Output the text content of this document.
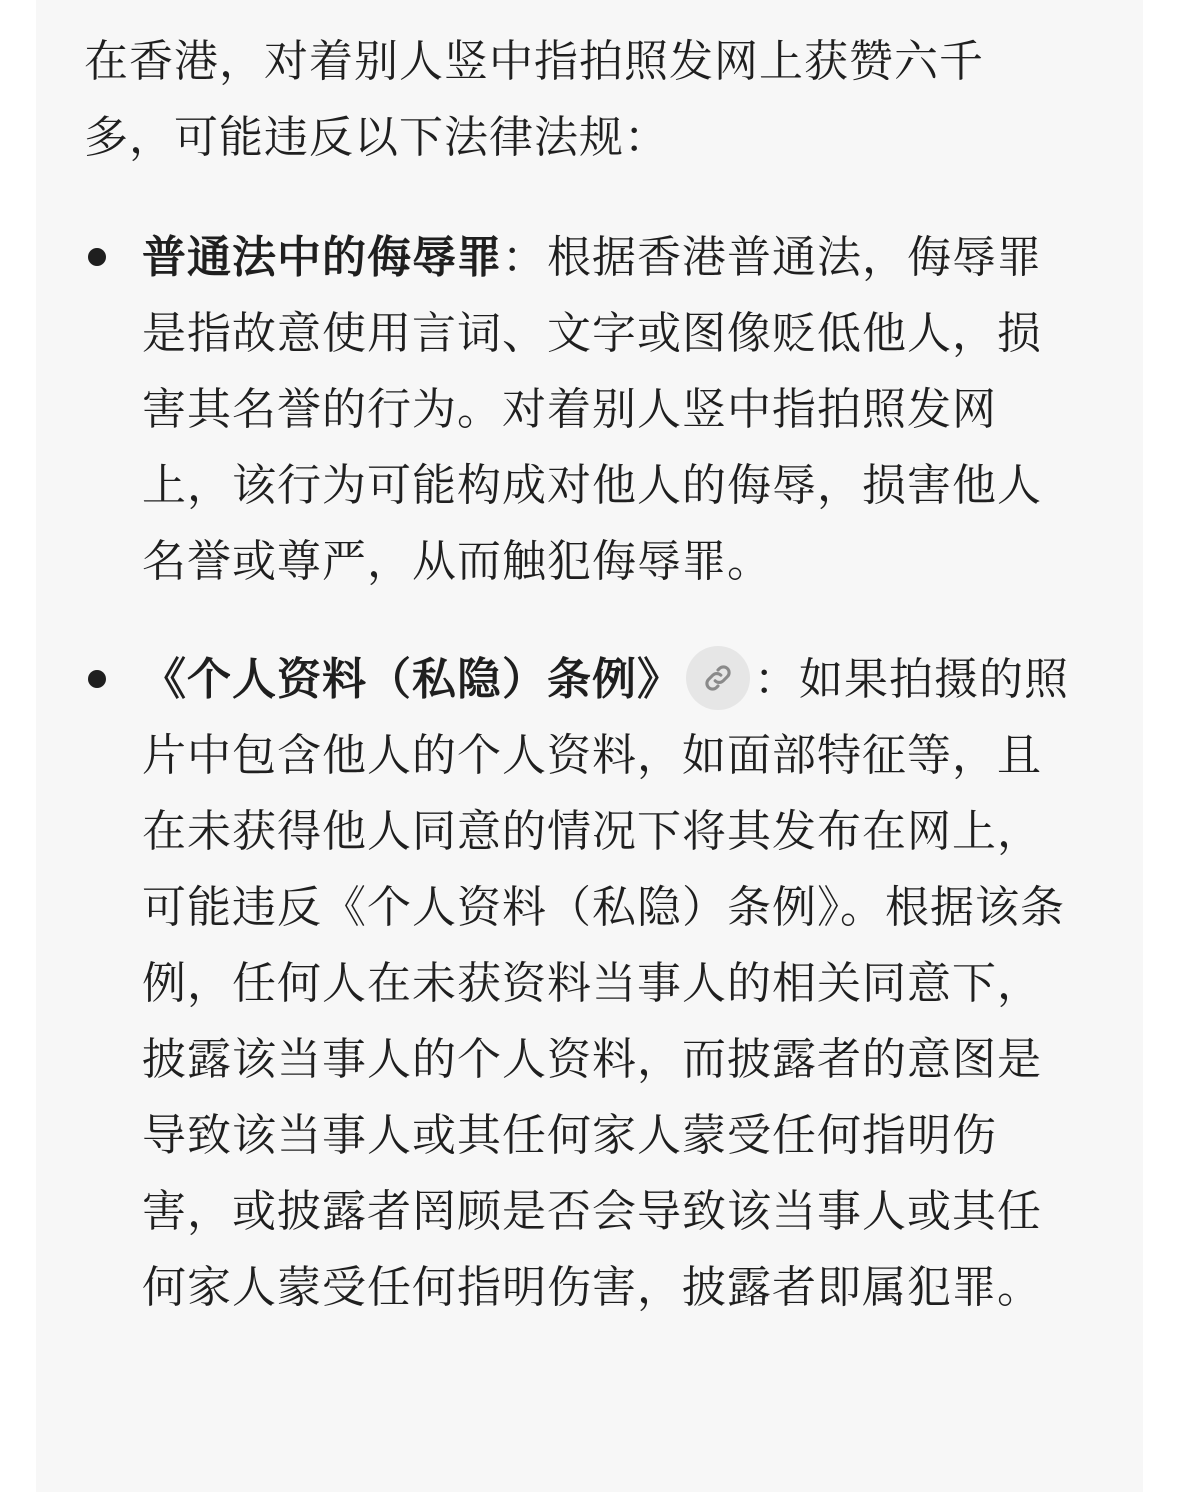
在香港，对着别人竖中指拍照发网上获赞六千多，可能违反以下法律法规：

普通法中的侮辱罪：根据香港普通法，侮辱罪是指故意使用言词、文字或图像贬低他人，损害其名誉的行为。对着别人竖中指拍照发网上，该行为可能构成对他人的侮辱，损害他人名誉或尊严，从而触犯侮辱罪。
《个人资料（私隐）条例》 ：如果拍摄的照片中包含他人的个人资料，如面部特征等，且在未获得他人同意的情况下将其发布在网上，可能违反《个人资料（私隐）条例》。根据该条例，任何人在未获资料当事人的相关同意下，披露该当事人的个人资料，而披露者的意图是导致该当事人或其任何家人蒙受任何指明伤害，或披露者罔顾是否会导致该当事人或其任何家人蒙受任何指明伤害，披露者即属犯罪。
